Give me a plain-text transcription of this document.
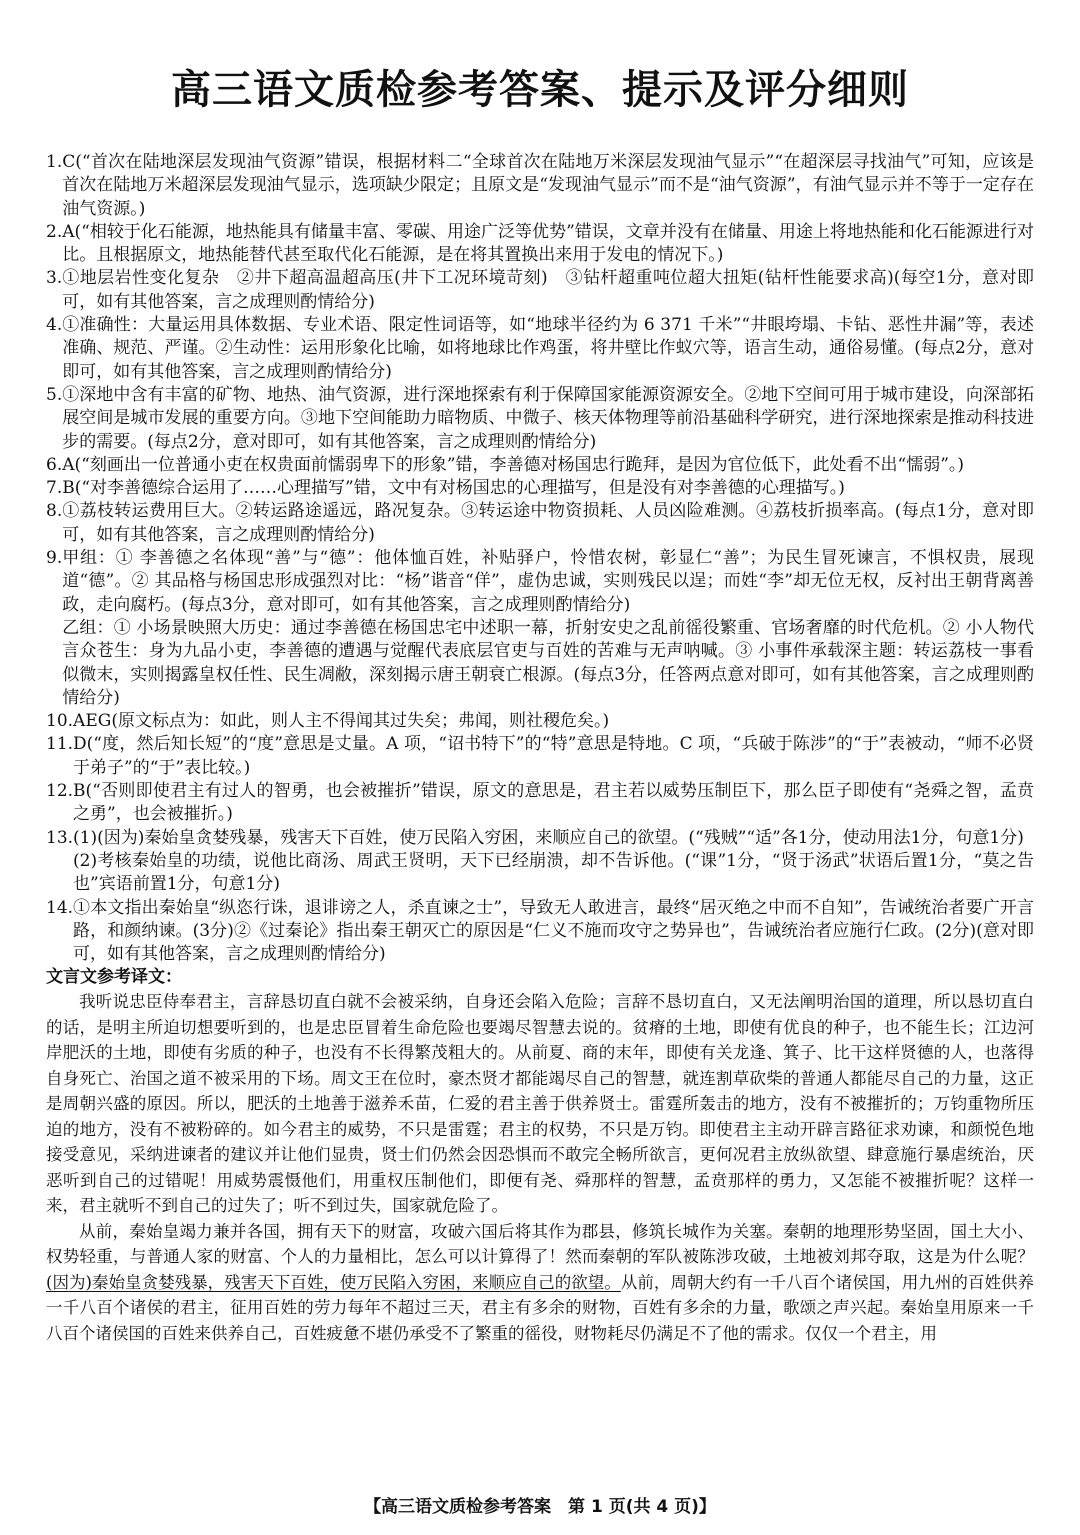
高三语文质检参考答案、提示及评分细则
1. C(“首次在陆地深层发现油气资源”错误，根据材料二“全球首次在陆地万米深层发现油气显示”“在超深层寻找油气”可知，应该是首次在陆地万米超深层发现油气显示，选项缺少限定；且原文是“发现油气显示”而不是“油气资源”，有油气显示并不等于一定存在油气资源。)
2. A(“相较于化石能源，地热能具有储量丰富、零碳、用途广泛等优势”错误，文章并没有在储量、用途上将地热能和化石能源进行对比。且根据原文，地热能替代甚至取代化石能源，是在将其置换出来用于发电的情况下。)
3. ①地层岩性变化复杂　②井下超高温超高压(井下工况环境苛刻)　③钻杆超重吨位超大扭矩(钻杆性能要求高)(每空1分，意对即可，如有其他答案，言之成理则酌情给分)
4. ①准确性：大量运用具体数据、专业术语、限定性词语等，如“地球半径约为 6 371 千米”“井眼垮塌、卡钻、恶性井漏”等，表述准确、规范、严谨。②生动性：运用形象化比喻，如将地球比作鸡蛋，将井壁比作蚁穴等，语言生动，通俗易懂。(每点2分，意对即可，如有其他答案，言之成理则酌情给分)
5. ①深地中含有丰富的矿物、地热、油气资源，进行深地探索有利于保障国家能源资源安全。②地下空间可用于城市建设，向深部拓展空间是城市发展的重要方向。③地下空间能助力暗物质、中微子、核天体物理等前沿基础科学研究，进行深地探索是推动科技进步的需要。(每点2分，意对即可，如有其他答案，言之成理则酌情给分)
6. A(“刻画出一位普通小吏在权贵面前懦弱卑下的形象”错，李善德对杨国忠行跪拜，是因为官位低下，此处看不出“懦弱”。)
7. B(“对李善德综合运用了……心理描写”错，文中有对杨国忠的心理描写，但是没有对李善德的心理描写。)
8. ①荔枝转运费用巨大。②转运路途遥远，路况复杂。③转运途中物资损耗、人员凶险难测。④荔枝折损率高。(每点1分，意对即可，如有其他答案，言之成理则酌情给分)
9. 甲组：① 李善德之名体现“善”与“德”：他体恤百姓，补贴驿户，怜惜农树，彰显仁“善”；为民生冒死谏言，不惧权贵，展现道“德”。② 其品格与杨国忠形成强烈对比：“杨”谐音“佯”，虚伪忠诚，实则残民以逞；而姓“李”却无位无权，反衬出王朝背离善政，走向腐朽。(每点3分，意对即可，如有其他答案，言之成理则酌情给分)

乙组：① 小场景映照大历史：通过李善德在杨国忠宅中述职一幕，折射安史之乱前徭役繁重、官场奢靡的时代危机。② 小人物代言众苍生：身为九品小吏，李善德的遭遇与觉醒代表底层官吏与百姓的苦难与无声呐喊。③ 小事件承载深主题：转运荔枝一事看似微末，实则揭露皇权任性、民生凋敝，深刻揭示唐王朝衰亡根源。(每点3分，任答两点意对即可，如有其他答案，言之成理则酌情给分)

10. AEG(原文标点为：如此，则人主不得闻其过失矣；弗闻，则社稷危矣。)
11. D(“度，然后知长短”的“度”意思是丈量。A 项，“诏书特下”的“特”意思是特地。C 项，“兵破于陈涉”的“于”表被动，“师不必贤于弟子”的“于”表比较。)
12. B(“否则即使君主有过人的智勇，也会被摧折”错误，原文的意思是，君主若以威势压制臣下，那么臣子即使有“尧舜之智，孟贲之勇”，也会被摧折。)
13. (1)(因为)秦始皇贪婪残暴，残害天下百姓，使万民陷入穷困，来顺应自己的欲望。(“残贼”“适”各1分，使动用法1分，句意1分)

(2)考核秦始皇的功绩，说他比商汤、周武王贤明，天下已经崩溃，却不告诉他。(“课”1分，“贤于汤武”状语后置1分，“莫之告也”宾语前置1分，句意1分)

14. ①本文指出秦始皇“纵恣行诛，退诽谤之人，杀直谏之士”，导致无人敢进言，最终“居灭绝之中而不自知”，告诫统治者要广开言路，和颜纳谏。(3分)②《过秦论》指出秦王朝灭亡的原因是“仁义不施而攻守之势异也”，告诫统治者应施行仁政。(2分)(意对即可，如有其他答案，言之成理则酌情给分)
文言文参考译文：

我听说忠臣侍奉君主，言辞恳切直白就不会被采纳，自身还会陷入危险；言辞不恳切直白，又无法阐明治国的道理，所以恳切直白的话，是明主所迫切想要听到的，也是忠臣冒着生命危险也要竭尽智慧去说的。贫瘠的土地，即使有优良的种子，也不能生长；江边河岸肥沃的土地，即使有劣质的种子，也没有不长得繁茂粗大的。从前夏、商的末年，即使有关龙逢、箕子、比干这样贤德的人，也落得自身死亡、治国之道不被采用的下场。周文王在位时，豪杰贤才都能竭尽自己的智慧，就连割草砍柴的普通人都能尽自己的力量，这正是周朝兴盛的原因。所以，肥沃的土地善于滋养禾苗，仁爱的君主善于供养贤士。雷霆所轰击的地方，没有不被摧折的；万钧重物所压迫的地方，没有不被粉碎的。如今君主的威势，不只是雷霆；君主的权势，不只是万钧。即使君主主动开辟言路征求劝谏，和颜悦色地接受意见，采纳进谏者的建议并让他们显贵，贤士们仍然会因恐惧而不敢完全畅所欲言，更何况君主放纵欲望、肆意施行暴虐统治，厌恶听到自己的过错呢！用威势震慑他们，用重权压制他们，即便有尧、舜那样的智慧，孟贲那样的勇力，又怎能不被摧折呢？这样一来，君主就听不到自己的过失了；听不到过失，国家就危险了。

从前，秦始皇竭力兼并各国，拥有天下的财富，攻破六国后将其作为郡县，修筑长城作为关塞。秦朝的地理形势坚固，国土大小、权势轻重，与普通人家的财富、个人的力量相比，怎么可以计算得了！然而秦朝的军队被陈涉攻破，土地被刘邦夺取，这是为什么呢？(因为)秦始皇贪婪残暴，残害天下百姓，使万民陷入穷困，来顺应自己的欲望。从前，周朝大约有一千八百个诸侯国，用九州的百姓供养一千八百个诸侯的君主，征用百姓的劳力每年不超过三天，君主有多余的财物，百姓有多余的力量，歌颂之声兴起。秦始皇用原来一千八百个诸侯国的百姓来供养自己，百姓疲惫不堪仍承受不了繁重的徭役，财物耗尽仍满足不了他的需求。仅仅一个君主，用

【高三语文质检参考答案　第 1 页(共 4 页)】
